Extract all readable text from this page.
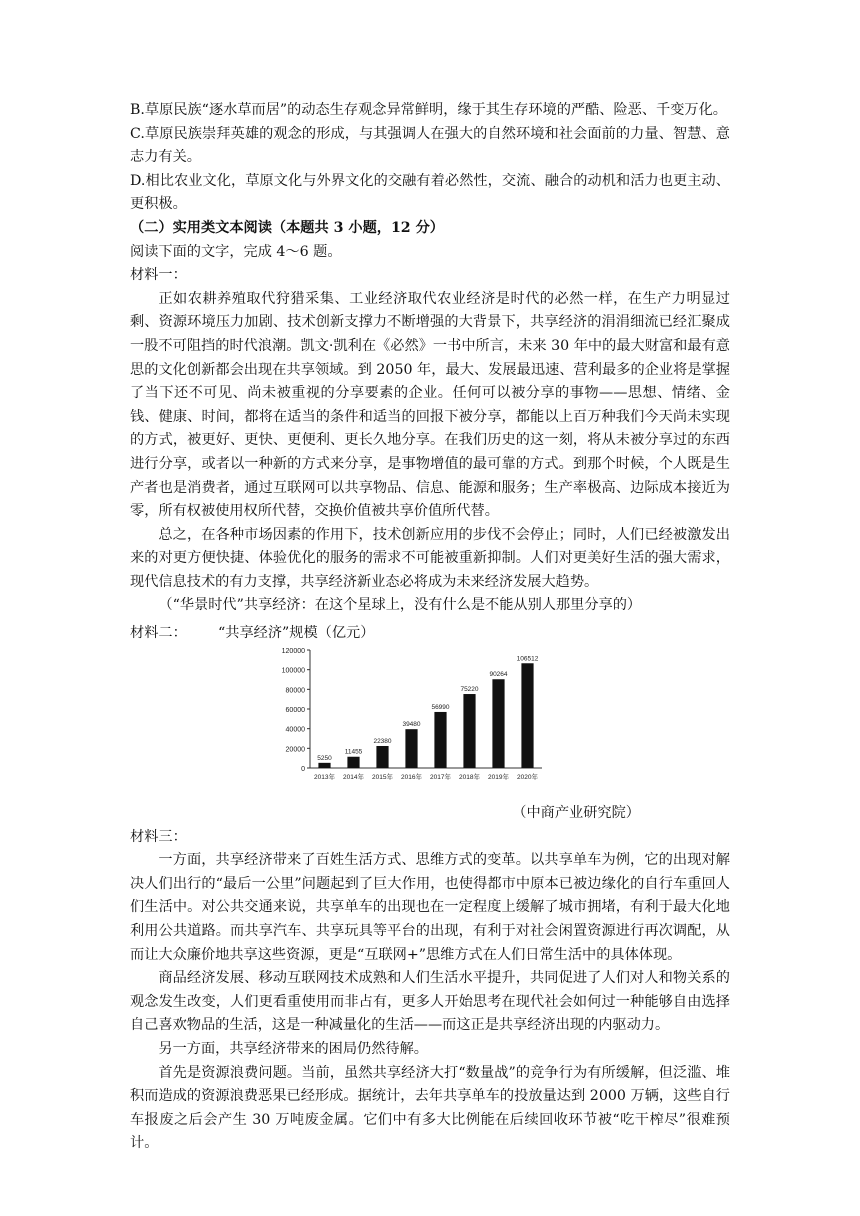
B.草原民族“逐水草而居”的动态生存观念异常鲜明，缘于其生存环境的严酷、险恶、千变万化。

C.草原民族崇拜英雄的观念的形成，与其强调人在强大的自然环境和社会面前的力量、智慧、意志力有关。

D.相比农业文化，草原文化与外界文化的交融有着必然性，交流、融合的动机和活力也更主动、更积极。

（二）实用类文本阅读（本题共 3 小题，12 分）

阅读下面的文字，完成 4～6 题。

材料一：

正如农耕养殖取代狩猎采集、工业经济取代农业经济是时代的必然一样，在生产力明显过剩、资源环境压力加剧、技术创新支撑力不断增强的大背景下，共享经济的涓涓细流已经汇聚成一股不可阻挡的时代浪潮。凯文·凯利在《必然》一书中所言，未来 30 年中的最大财富和最有意思的文化创新都会出现在共享领域。到 2050 年，最大、发展最迅速、营利最多的企业将是掌握了当下还不可见、尚未被重视的分享要素的企业。任何可以被分享的事物——思想、情绪、金钱、健康、时间，都将在适当的条件和适当的回报下被分享，都能以上百万种我们今天尚未实现的方式，被更好、更快、更便利、更长久地分享。在我们历史的这一刻，将从未被分享过的东西进行分享，或者以一种新的方式来分享，是事物增值的最可靠的方式。到那个时候，个人既是生产者也是消费者，通过互联网可以共享物品、信息、能源和服务；生产率极高、边际成本接近为零，所有权被使用权所代替，交换价值被共享价值所代替。

总之，在各种市场因素的作用下，技术创新应用的步伐不会停止；同时，人们已经被激发出来的对更方便快捷、体验优化的服务的需求不可能被重新抑制。人们对更美好生活的强大需求，现代信息技术的有力支撑，共享经济新业态必将成为未来经济发展大趋势。

（“华景时代”共享经济：在这个星球上，没有什么是不能从别人那里分享的）

材料二： “共享经济”规模（亿元）
0
20000
40000
60000
80000
100000
120000
5250
2013年
11455
2014年
22380
2015年
39480
2016年
56990
2017年
75220
2018年
90264
2019年
106512
2020年

（中商产业研究院）

材料三：

一方面，共享经济带来了百姓生活方式、思维方式的变革。以共享单车为例，它的出现对解决人们出行的“最后一公里”问题起到了巨大作用，也使得都市中原本已被边缘化的自行车重回人们生活中。对公共交通来说，共享单车的出现也在一定程度上缓解了城市拥堵，有利于最大化地利用公共道路。而共享汽车、共享玩具等平台的出现，有利于对社会闲置资源进行再次调配，从而让大众廉价地共享这些资源，更是“互联网+”思维方式在人们日常生活中的具体体现。

商品经济发展、移动互联网技术成熟和人们生活水平提升，共同促进了人们对人和物关系的观念发生改变，人们更看重使用而非占有，更多人开始思考在现代社会如何过一种能够自由选择自己喜欢物品的生活，这是一种减量化的生活——而这正是共享经济出现的内驱动力。

另一方面，共享经济带来的困局仍然待解。

首先是资源浪费问题。当前，虽然共享经济大打“数量战”的竞争行为有所缓解，但泛滥、堆积而造成的资源浪费恶果已经形成。据统计，去年共享单车的投放量达到 2000 万辆，这些自行车报废之后会产生 30 万吨废金属。它们中有多大比例能在后续回收环节被“吃干榨尽”很难预计。
